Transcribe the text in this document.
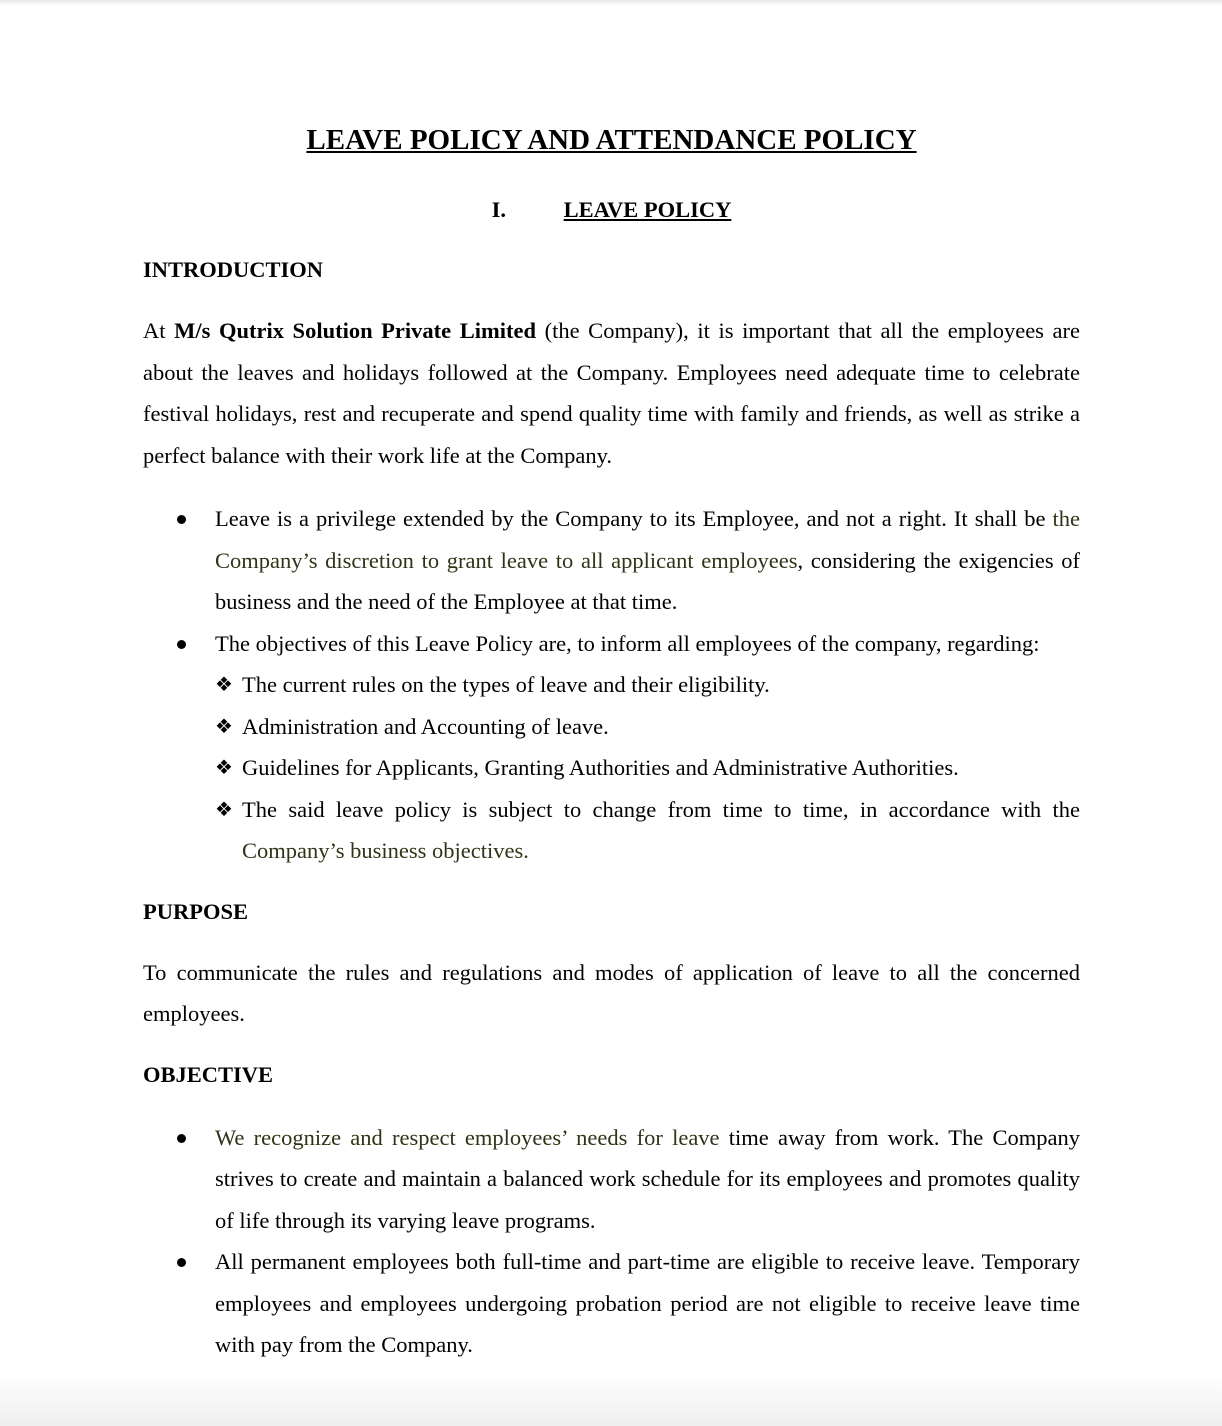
LEAVE POLICY AND ATTENDANCE POLICY
I.	LEAVE POLICY
INTRODUCTION

At M/s Qutrix Solution Private Limited (the Company), it is important that all the employees are about the leaves and holidays followed at the Company. Employees need adequate time to celebrate festival holidays, rest and recuperate and spend quality time with family and friends, as well as strike a perfect balance with their work life at the Company.

Leave is a privilege extended by the Company to its Employee, and not a right. It shall be the Company’s discretion to grant leave to all applicant employees, considering the exigencies of business and the need of the Employee at that time.
The objectives of this Leave Policy are, to inform all employees of the company, regarding:
❖ The current rules on the types of leave and their eligibility.
❖ Administration and Accounting of leave.
❖ Guidelines for Applicants, Granting Authorities and Administrative Authorities.
❖ The said leave policy is subject to change from time to time, in accordance with the Company’s business objectives.
PURPOSE

To communicate the rules and regulations and modes of application of leave to all the concerned employees.

OBJECTIVE
We recognize and respect employees’ needs for leave time away from work. The Company strives to create and maintain a balanced work schedule for its employees and promotes quality of life through its varying leave programs.
All permanent employees both full-time and part-time are eligible to receive leave. Temporary employees and employees undergoing probation period are not eligible to receive leave time with pay from the Company.
